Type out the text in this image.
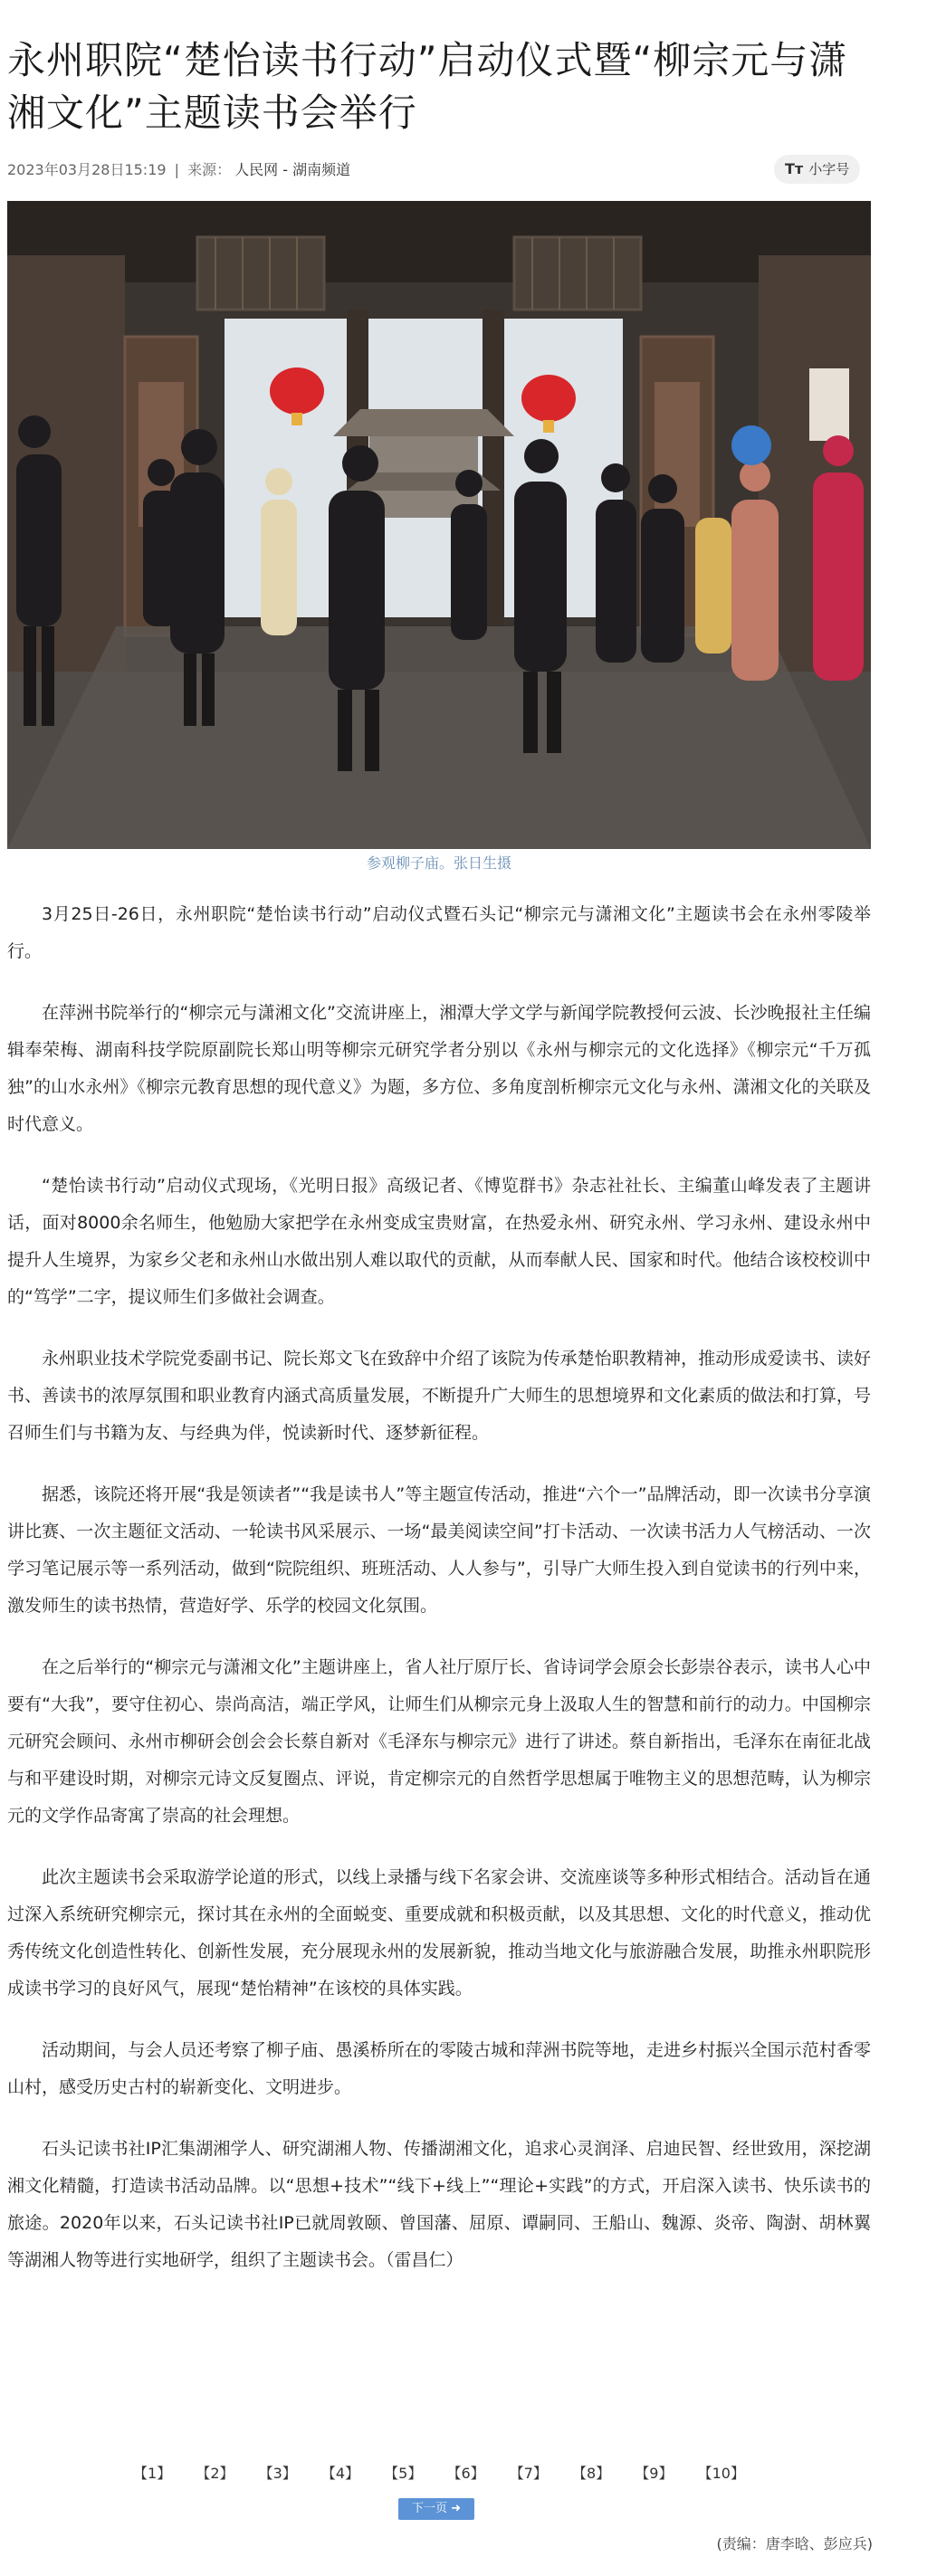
永州职院“楚怡读书行动”启动仪式暨“柳宗元与潇湘文化”主题读书会举行
2023年03月28日15:19 | 来源： 人民网 - 湖南频道	Tт 小字号
参观柳子庙。张日生摄

3月25日-26日，永州职院“楚怡读书行动”启动仪式暨石头记“柳宗元与潇湘文化”主题读书会在永州零陵举行。

在萍洲书院举行的“柳宗元与潇湘文化”交流讲座上，湘潭大学文学与新闻学院教授何云波、长沙晚报社主任编辑奉荣梅、湖南科技学院原副院长郑山明等柳宗元研究学者分别以《永州与柳宗元的文化选择》《柳宗元“千万孤独”的山水永州》《柳宗元教育思想的现代意义》为题，多方位、多角度剖析柳宗元文化与永州、潇湘文化的关联及时代意义。

“楚怡读书行动”启动仪式现场，《光明日报》高级记者、《博览群书》杂志社社长、主编董山峰发表了主题讲话，面对8000余名师生，他勉励大家把学在永州变成宝贵财富，在热爱永州、研究永州、学习永州、建设永州中提升人生境界，为家乡父老和永州山水做出别人难以取代的贡献，从而奉献人民、国家和时代。他结合该校校训中的“笃学”二字，提议师生们多做社会调查。

永州职业技术学院党委副书记、院长郑文飞在致辞中介绍了该院为传承楚怡职教精神，推动形成爱读书、读好书、善读书的浓厚氛围和职业教育内涵式高质量发展，不断提升广大师生的思想境界和文化素质的做法和打算，号召师生们与书籍为友、与经典为伴，悦读新时代、逐梦新征程。

据悉，该院还将开展“我是领读者”“我是读书人”等主题宣传活动，推进“六个一”品牌活动，即一次读书分享演讲比赛、一次主题征文活动、一轮读书风采展示、一场“最美阅读空间”打卡活动、一次读书活力人气榜活动、一次学习笔记展示等一系列活动，做到“院院组织、班班活动、人人参与”，引导广大师生投入到自觉读书的行列中来，激发师生的读书热情，营造好学、乐学的校园文化氛围。

在之后举行的“柳宗元与潇湘文化”主题讲座上，省人社厅原厅长、省诗词学会原会长彭崇谷表示，读书人心中要有“大我”，要守住初心、崇尚高洁，端正学风，让师生们从柳宗元身上汲取人生的智慧和前行的动力。中国柳宗元研究会顾问、永州市柳研会创会会长蔡自新对《毛泽东与柳宗元》进行了讲述。蔡自新指出，毛泽东在南征北战与和平建设时期，对柳宗元诗文反复圈点、评说，肯定柳宗元的自然哲学思想属于唯物主义的思想范畴，认为柳宗元的文学作品寄寓了崇高的社会理想。

此次主题读书会采取游学论道的形式，以线上录播与线下名家会讲、交流座谈等多种形式相结合。活动旨在通过深入系统研究柳宗元，探讨其在永州的全面蜕变、重要成就和积极贡献，以及其思想、文化的时代意义，推动优秀传统文化创造性转化、创新性发展，充分展现永州的发展新貌，推动当地文化与旅游融合发展，助推永州职院形成读书学习的良好风气，展现“楚怡精神”在该校的具体实践。

活动期间，与会人员还考察了柳子庙、愚溪桥所在的零陵古城和萍洲书院等地，走进乡村振兴全国示范村香零山村，感受历史古村的崭新变化、文明进步。

石头记读书社IP汇集湖湘学人、研究湖湘人物、传播湖湘文化，追求心灵润泽、启迪民智、经世致用，深挖湖湘文化精髓，打造读书活动品牌。以“思想+技术”“线下+线上”“理论+实践”的方式，开启深入读书、快乐读书的旅途。2020年以来，石头记读书社IP已就周敦颐、曾国藩、屈原、谭嗣同、王船山、魏源、炎帝、陶澍、胡林翼等湖湘人物等进行实地研学，组织了主题读书会。（雷昌仁）

【1】 【2】 【3】 【4】 【5】 【6】 【7】 【8】 【9】 【10】
下一页 ➜
(责编：唐李晗、彭应兵)
